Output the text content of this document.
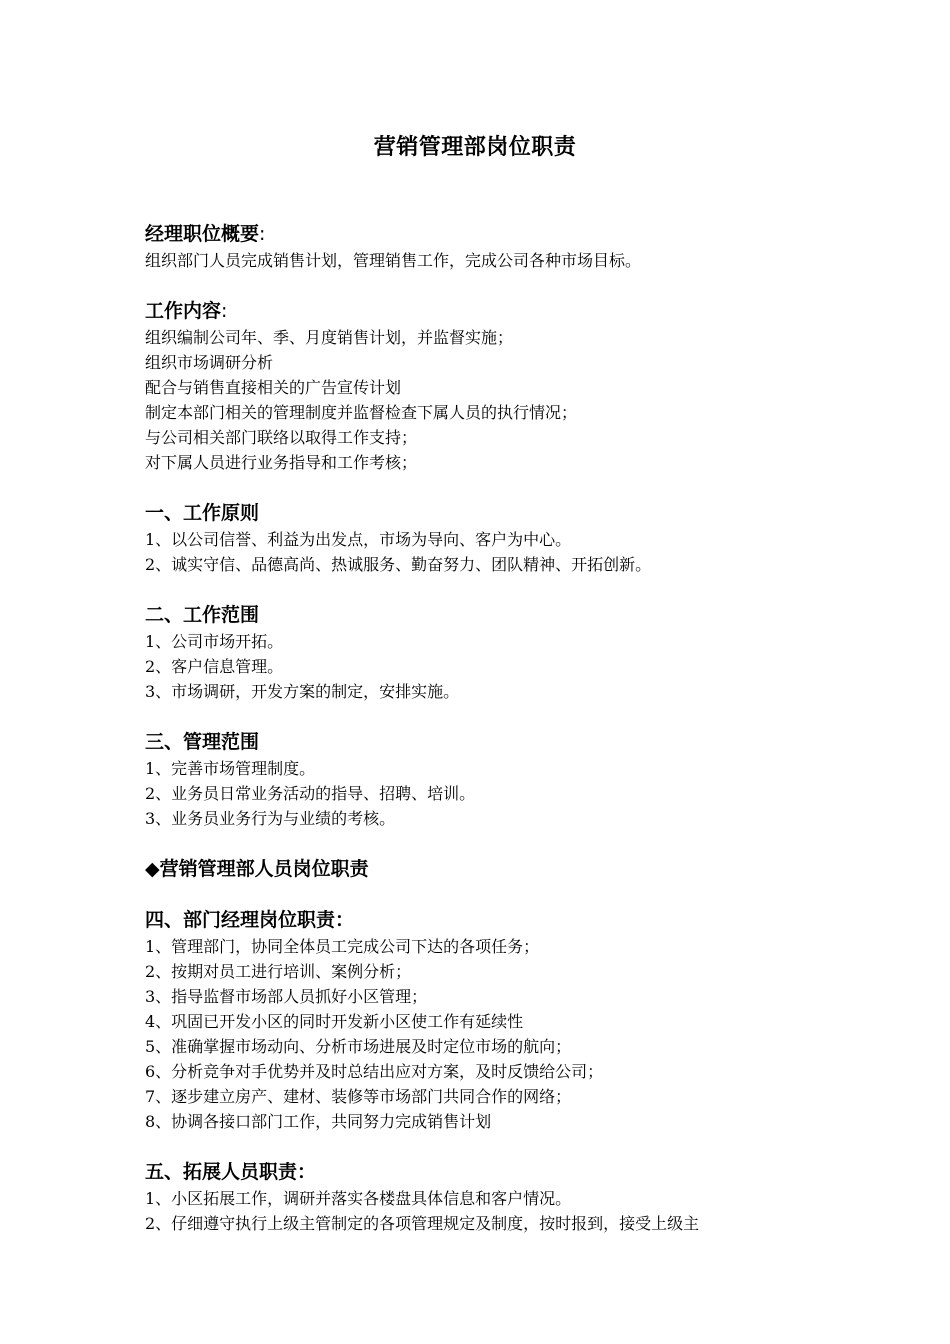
营销管理部岗位职责
经理职位概要:
组织部门人员完成销售计划，管理销售工作，完成公司各种市场目标。
工作内容:
组织编制公司年、季、月度销售计划，并监督实施；
组织市场调研分析
配合与销售直接相关的广告宣传计划
制定本部门相关的管理制度并监督检查下属人员的执行情况；
与公司相关部门联络以取得工作支持；
对下属人员进行业务指导和工作考核；
一、工作原则
1、以公司信誉、利益为出发点，市场为导向、客户为中心。
2、诚实守信、品德高尚、热诚服务、勤奋努力、团队精神、开拓创新。
二、工作范围
1、公司市场开拓。
2、客户信息管理。
3、市场调研，开发方案的制定，安排实施。
三、管理范围
1、完善市场管理制度。
2、业务员日常业务活动的指导、招聘、培训。
3、业务员业务行为与业绩的考核。
◆营销管理部人员岗位职责
四、部门经理岗位职责：
1、管理部门，协同全体员工完成公司下达的各项任务；
2、按期对员工进行培训、案例分析；
3、指导监督市场部人员抓好小区管理；
4、巩固已开发小区的同时开发新小区使工作有延续性
5、准确掌握市场动向、分析市场进展及时定位市场的航向；
6、分析竞争对手优势并及时总结出应对方案，及时反馈给公司；
7、逐步建立房产、建材、装修等市场部门共同合作的网络；
8、协调各接口部门工作，共同努力完成销售计划
五、拓展人员职责：
1、小区拓展工作，调研并落实各楼盘具体信息和客户情况。
2、仔细遵守执行上级主管制定的各项管理规定及制度，按时报到，接受上级主
